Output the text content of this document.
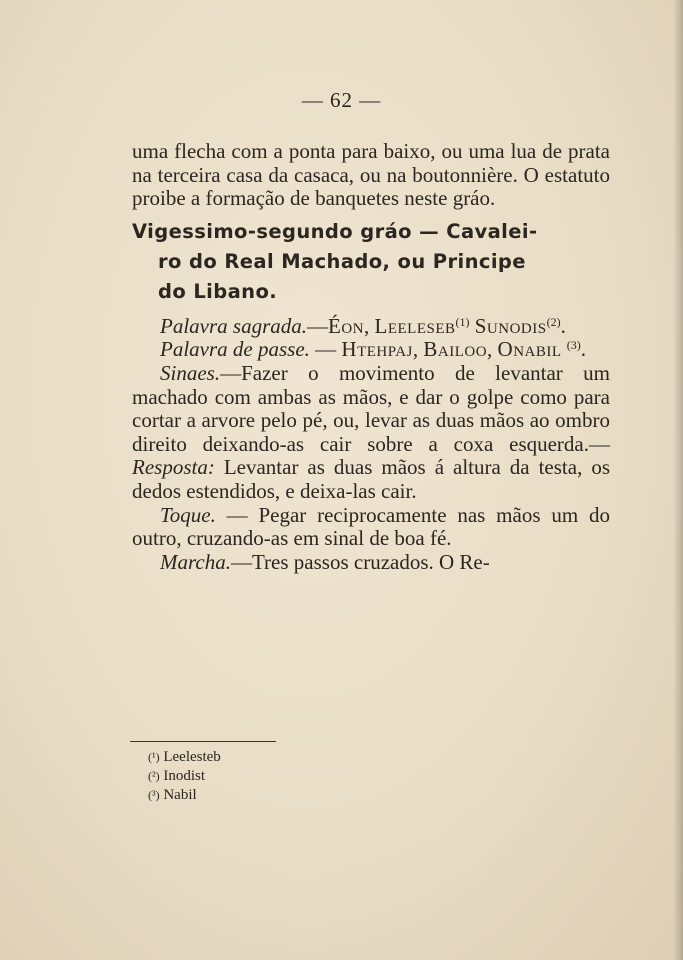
— 62 —

uma flecha com a ponta para baixo, ou uma lua de prata na terceira casa da casaca, ou na boutonnière. O estatuto proibe a formação de banquetes neste gráo.

Vigessimo-segundo gráo — Cavalei-
ro do Real Machado, ou Principe
do Libano.

Palavra sagrada.—Éon, Leeleseb$^{(1)}$ Sunodis$^{(2)}$.

Palavra de passe. — Htehpaj, Bailoo, Onabil $^{(3)}$.

Sinaes.—Fazer o movimento de levantar um machado com ambas as mãos, e dar o golpe como para cortar a arvore pelo pé, ou, levar as duas mãos ao ombro direito deixando-as cair sobre a coxa esquerda.—Resposta: Levantar as duas mãos á altura da testa, os dedos estendidos, e deixa-las cair.

Toque. — Pegar reciprocamente nas mãos um do outro, cruzando-as em sinal de boa fé.

Marcha.—Tres passos cruzados. O Re-

(¹) Leelesteb
(²) Inodist
(³) Nabil
